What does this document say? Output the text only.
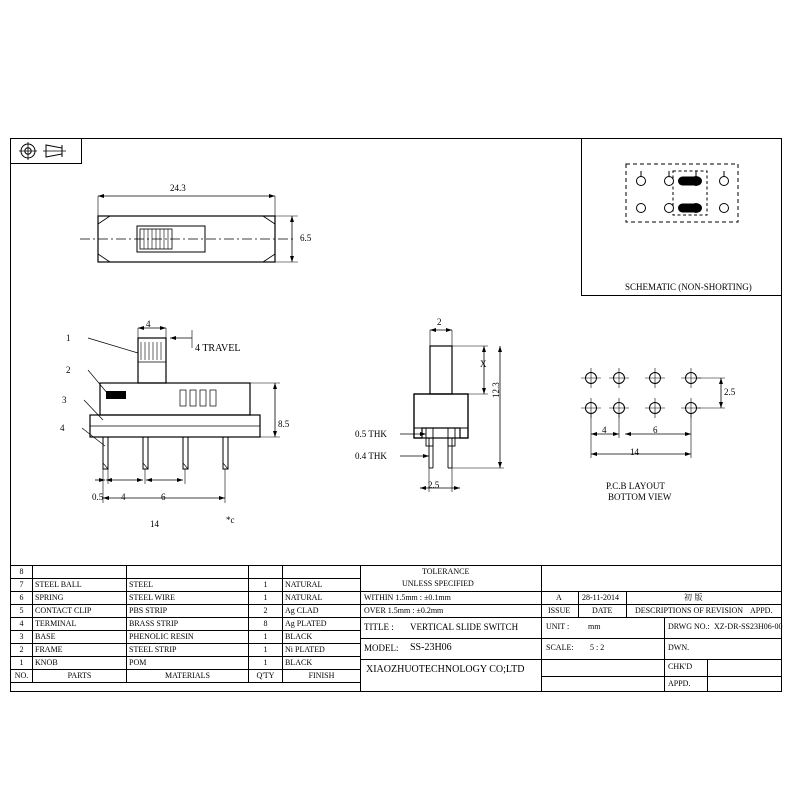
SCHEMATIC (NON-SHORTING)
24.3
6.5
4
4 TRAVEL
8.5
0.5 4	6
14	*c
1
2
3
4
2
X
12.3
0.5 THK
0.4 THK
2.5
2.5
4	6
14
P.C.B LAYOUT
BOTTOM VIEW
8				
7	STEEL BALL	STEEL	1	NATURAL
6	SPRING	STEEL WIRE	1	NATURAL
5	CONTACT CLIP	PBS STRIP	2	Ag CLAD
4	TERMINAL	BRASS STRIP	8	Ag PLATED
3	BASE	PHENOLIC RESIN	1	BLACK
2	FRAME	STEEL STRIP	1	Ni PLATED
1	KNOB	POM	1	BLACK
NO.	PARTS	MATERIALS	Q'TY	FINISH
TOLERANCE
UNLESS SPECIFIED
WITHIN 1.5mm : ±0.1mm
OVER 1.5mm : ±0.2mm
A	28-11-2014	初 版
ISSUE	DATE	DESCRIPTIONS OF REVISION APPD.
TITLE : VERTICAL SLIDE SWITCH
MODEL: SS-23H06
XIAOZHUOTECHNOLOGY CO;LTD
UNIT : mm	DRWG NO.: XZ-DR-SS23H06-00
SCALE: 5 : 2	DWN.
CHK'D
APPD.
